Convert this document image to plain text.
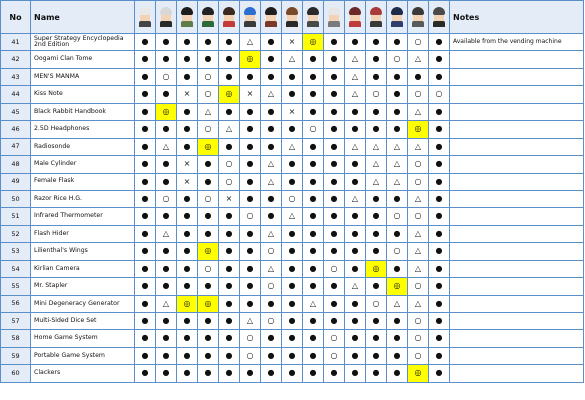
No	Name																Notes
41	Super Strategy Encyclopedia 2nd Edition	●	●	●	●	●	△	●	×	◎	●	●	●	●	○	●	Available from the vending machine
42	Oogami Clan Tome	●	●	●	●	●	◎	●	△	●	●	△	●	○	△	●	
43	MEN'S MANMA	●	○	●	○	●	●	●	●	●	●	△	●	●	●	●	
44	Kiss Note	●	●	×	○	◎	×	△	●	●	●	△	○	●	○	○	
45	Black Rabbit Handbook	●	◎	●	△	●	●	●	×	●	●	●	●	●	△	●	
46	2.5D Headphones	●	●	●	○	△	●	●	●	○	●	●	●	●	◎	●	
47	Radiosonde	●	△	●	◎	●	●	●	△	●	●	△	△	△	△	●	
48	Male Cylinder	●	●	×	●	○	●	△	●	●	●	●	△	△	○	●	
49	Female Flask	●	●	×	●	○	●	△	●	●	●	●	△	△	○	●	
50	Razor Rice H.G.	●	○	●	○	×	●	●	○	●	●	△	●	●	△	●	
51	Infrared Thermometer	●	●	●	●	●	○	●	△	●	●	●	●	○	○	●	
52	Flash Hider	●	△	●	●	●	●	△	●	●	●	●	●	●	△	●	
53	Lilienthal's Wings	●	●	●	◎	●	●	○	●	●	●	●	●	○	△	●	
54	Kirlian Camera	●	●	●	○	●	●	△	●	●	○	●	◎	●	△	●	
55	Mr. Stapler	●	●	●	●	●	●	○	●	●	●	△	●	◎	○	●	
56	Mini Degeneracy Generator	●	△	◎	◎	●	●	●	●	△	●	●	○	△	△	●	
57	Multi-Sided Dice Set	●	●	●	●	●	△	○	●	●	●	●	●	●	○	●	
58	Home Game System	●	●	●	●	●	○	●	●	●	○	●	●	●	○	●	
59	Portable Game System	●	●	●	●	●	○	●	●	●	○	●	●	●	○	●	
60	Clackers	●	●	●	●	●	●	●	●	●	●	●	●	●	◎	●	
